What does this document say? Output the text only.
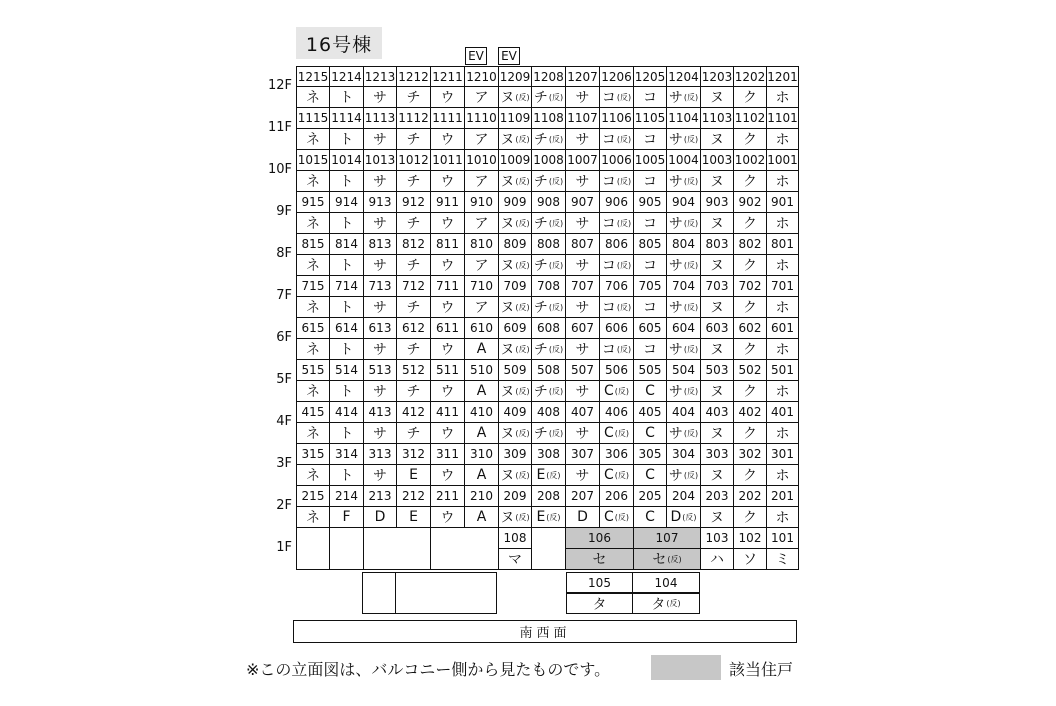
16号棟
EV EV
1215
ネ
1214
ト
1213
サ
1212
チ
1211
ウ
1210
ア
1209
ヌ (反)
1208
チ (反)
1207
サ
1206
コ (反)
1205
コ
1204
サ (反)
1203
ヌ
1202
ク
1201
ホ
1115
ネ
1114
ト
1113
サ
1112
チ
1111
ウ
1110
ア
1109
ヌ (反)
1108
チ (反)
1107
サ
1106
コ (反)
1105
コ
1104
サ (反)
1103
ヌ
1102
ク
1101
ホ
1015
ネ
1014
ト
1013
サ
1012
チ
1011
ウ
1010
ア
1009
ヌ (反)
1008
チ (反)
1007
サ
1006
コ (反)
1005
コ
1004
サ (反)
1003
ヌ
1002
ク
1001
ホ
915
ネ
914
ト
913
サ
912
チ
911
ウ
910
ア
909
ヌ (反)
908
チ (反)
907
サ
906
コ (反)
905
コ
904
サ (反)
903
ヌ
902
ク
901
ホ
815
ネ
814
ト
813
サ
812
チ
811
ウ
810
ア
809
ヌ (反)
808
チ (反)
807
サ
806
コ (反)
805
コ
804
サ (反)
803
ヌ
802
ク
801
ホ
715
ネ
714
ト
713
サ
712
チ
711
ウ
710
ア
709
ヌ (反)
708
チ (反)
707
サ
706
コ (反)
705
コ
704
サ (反)
703
ヌ
702
ク
701
ホ
615
ネ
614
ト
613
サ
612
チ
611
ウ
610
A
609
ヌ (反)
608
チ (反)
607
サ
606
コ (反)
605
コ
604
サ (反)
603
ヌ
602
ク
601
ホ
515
ネ
514
ト
513
サ
512
チ
511
ウ
510
A
509
ヌ (反)
508
チ (反)
507
サ
506
C (反)
505
C
504
サ (反)
503
ヌ
502
ク
501
ホ
415
ネ
414
ト
413
サ
412
チ
411
ウ
410
A
409
ヌ (反)
408
チ (反)
407
サ
406
C (反)
405
C
404
サ (反)
403
ヌ
402
ク
401
ホ
315
ネ
314
ト
313
サ
312
E
311
ウ
310
A
309
ヌ (反)
308
E (反)
307
サ
306
C (反)
305
C
304
サ (反)
303
ヌ
302
ク
301
ホ
215
ネ
214
F
213
D
212
E
211
ウ
210
A
209
ヌ (反)
208
E (反)
207
D
206
C (反)
205
C
204
D (反)
203
ヌ
202
ク
201
ホ
108
マ
106
セ
107
セ (反)
103
ハ
102
ソ
101
ミ
南西面
※この立面図は、バルコニー側から見たものです。	該当住戸
12F
11F
10F
9F
8F
7F
6F
5F
4F
3F
2F
1F
105
タ
104
タ (反)
